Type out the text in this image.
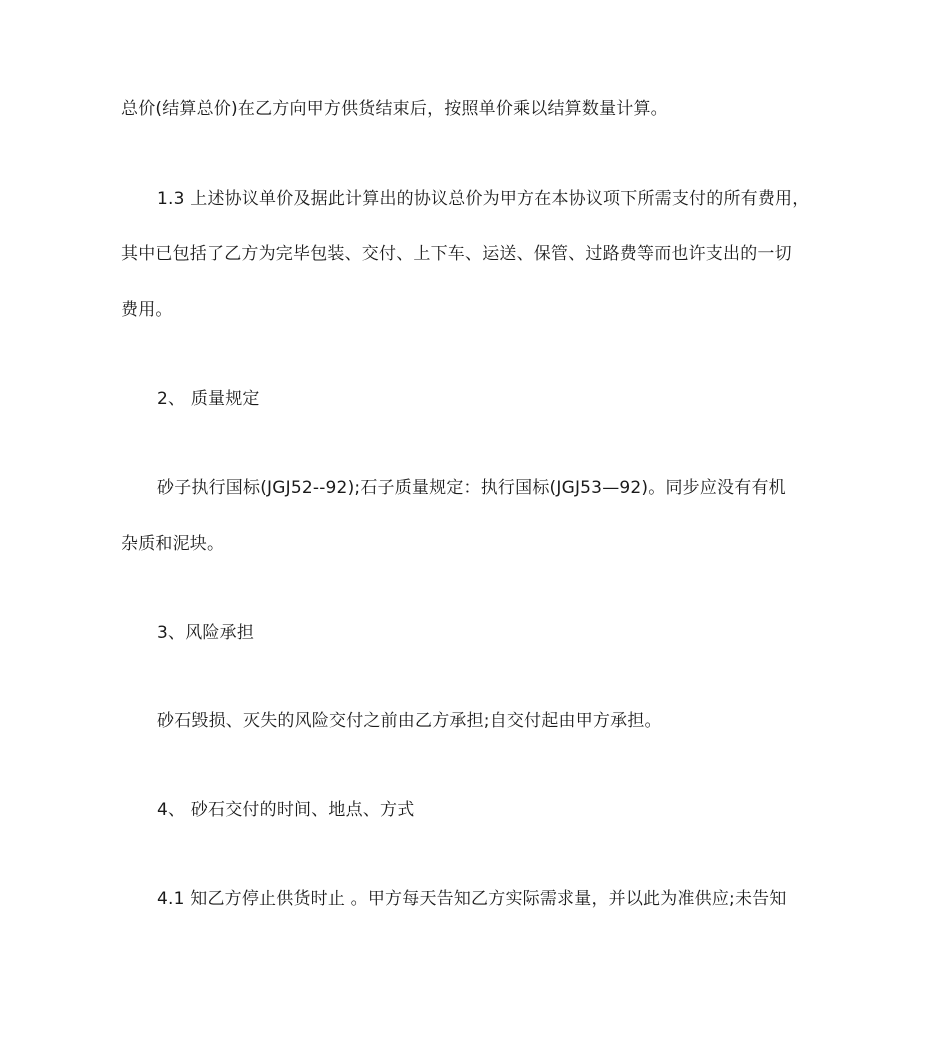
总价(结算总价)在乙方向甲方供货结束后，按照单价乘以结算数量计算。
1.3 上述协议单价及据此计算出的协议总价为甲方在本协议项下所需支付的所有费用，
其中已包括了乙方为完毕包装、交付、上下车、运送、保管、过路费等而也许支出的一切
费用。
2、 质量规定
砂子执行国标(JGJ52--92);石子质量规定：执行国标(JGJ53—92)。同步应没有有机
杂质和泥块。
3、风险承担
砂石毁损、灭失的风险交付之前由乙方承担;自交付起由甲方承担。
4、 砂石交付的时间、地点、方式
4.1 知乙方停止供货时止 。甲方每天告知乙方实际需求量，并以此为准供应;未告知
